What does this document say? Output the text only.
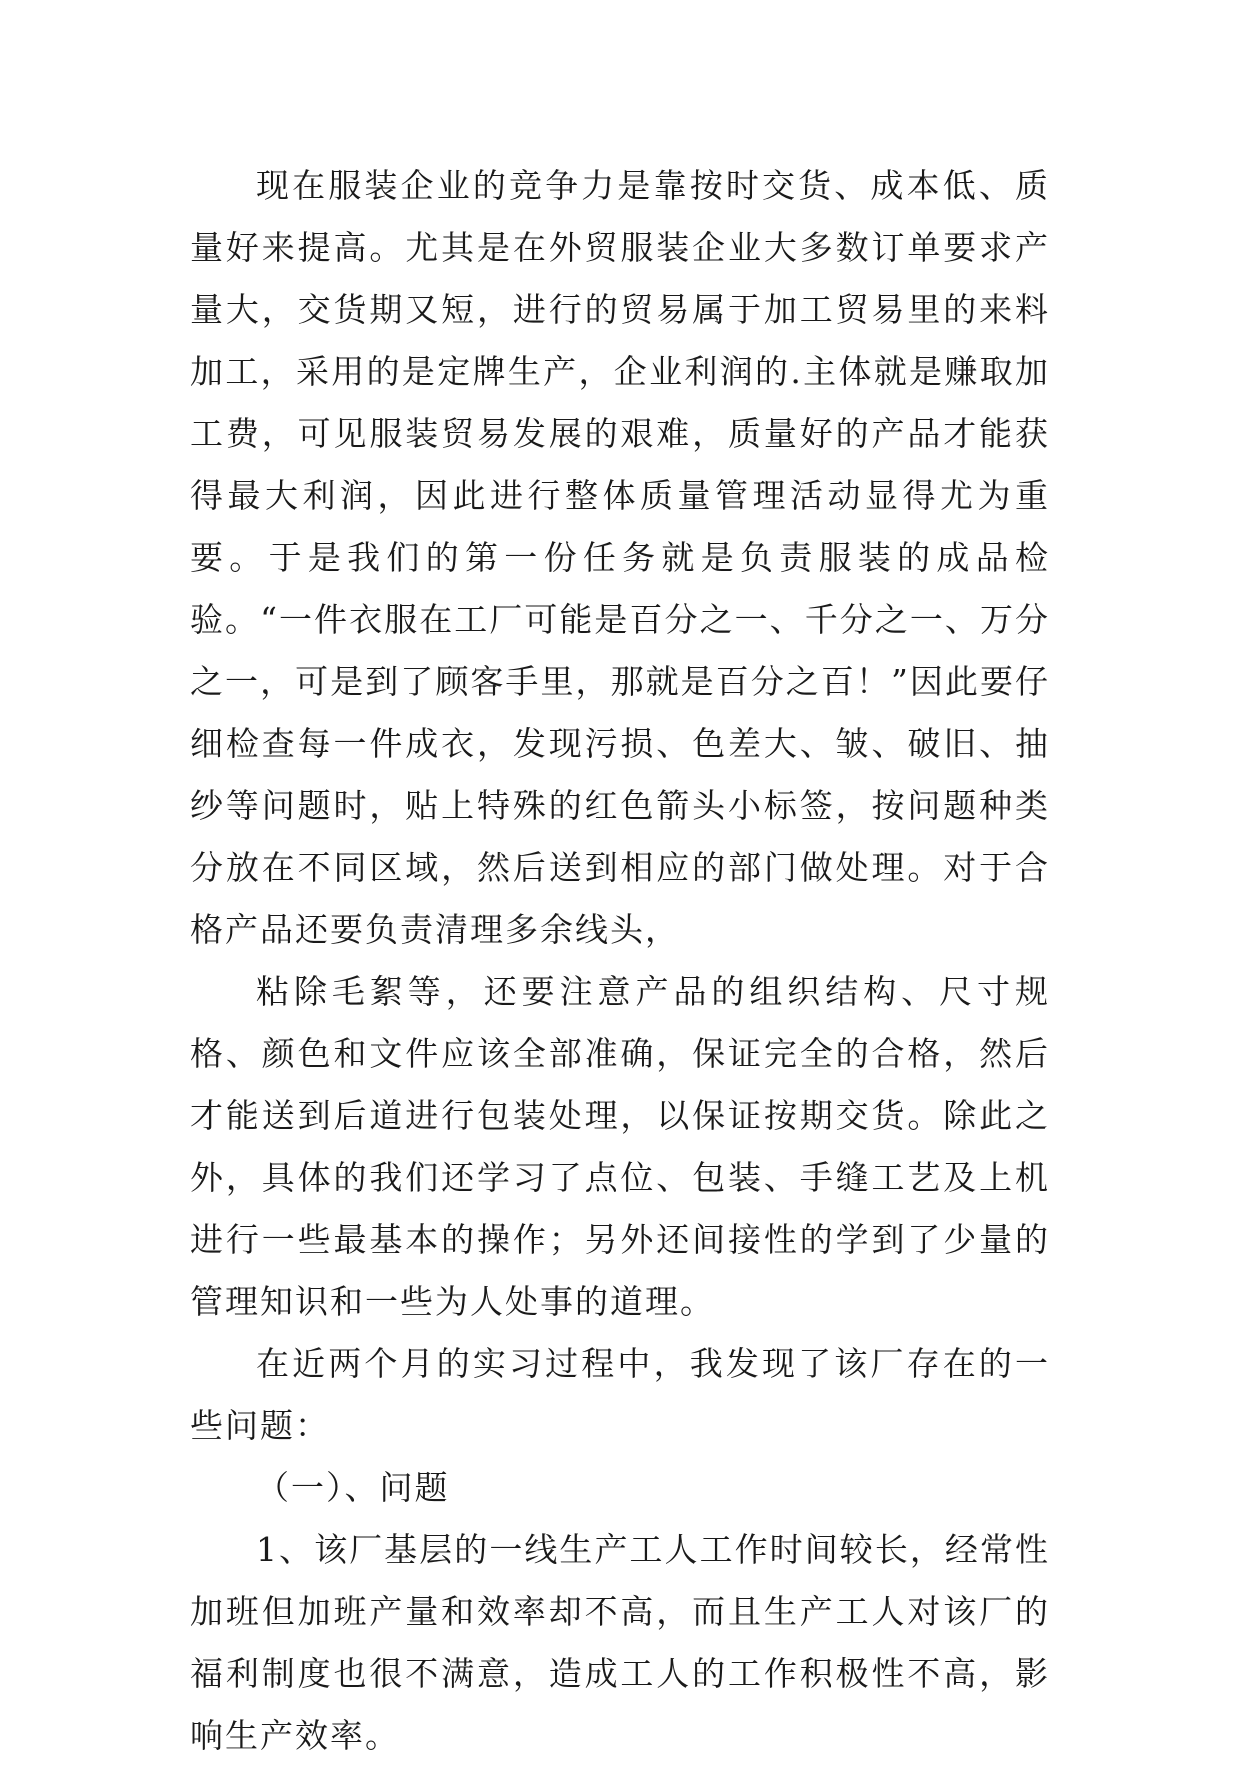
现在服装企业的竞争力是靠按时交货、成本低、质量好来提高。尤其是在外贸服装企业大多数订单要求产量大，交货期又短，进行的贸易属于加工贸易里的来料加工，采用的是定牌生产，企业利润的.主体就是赚取加工费，可见服装贸易发展的艰难，质量好的产品才能获得最大利润，因此进行整体质量管理活动显得尤为重要。于是我们的第一份任务就是负责服装的成品检验。“一件衣服在工厂可能是百分之一、千分之一、万分之一，可是到了顾客手里，那就是百分之百！”因此要仔细检查每一件成衣，发现污损、色差大、皱、破旧、抽纱等问题时，贴上特殊的红色箭头小标签，按问题种类分放在不同区域，然后送到相应的部门做处理。对于合格产品还要负责清理多余线头，

粘除毛絮等，还要注意产品的组织结构、尺寸规格、颜色和文件应该全部准确，保证完全的合格，然后才能送到后道进行包装处理，以保证按期交货。除此之外，具体的我们还学习了点位、包装、手缝工艺及上机进行一些最基本的操作；另外还间接性的学到了少量的管理知识和一些为人处事的道理。

在近两个月的实习过程中，我发现了该厂存在的一些问题：

（一）、问题

1、该厂基层的一线生产工人工作时间较长，经常性加班但加班产量和效率却不高，而且生产工人对该厂的福利制度也很不满意，造成工人的工作积极性不高，影响生产效率。
